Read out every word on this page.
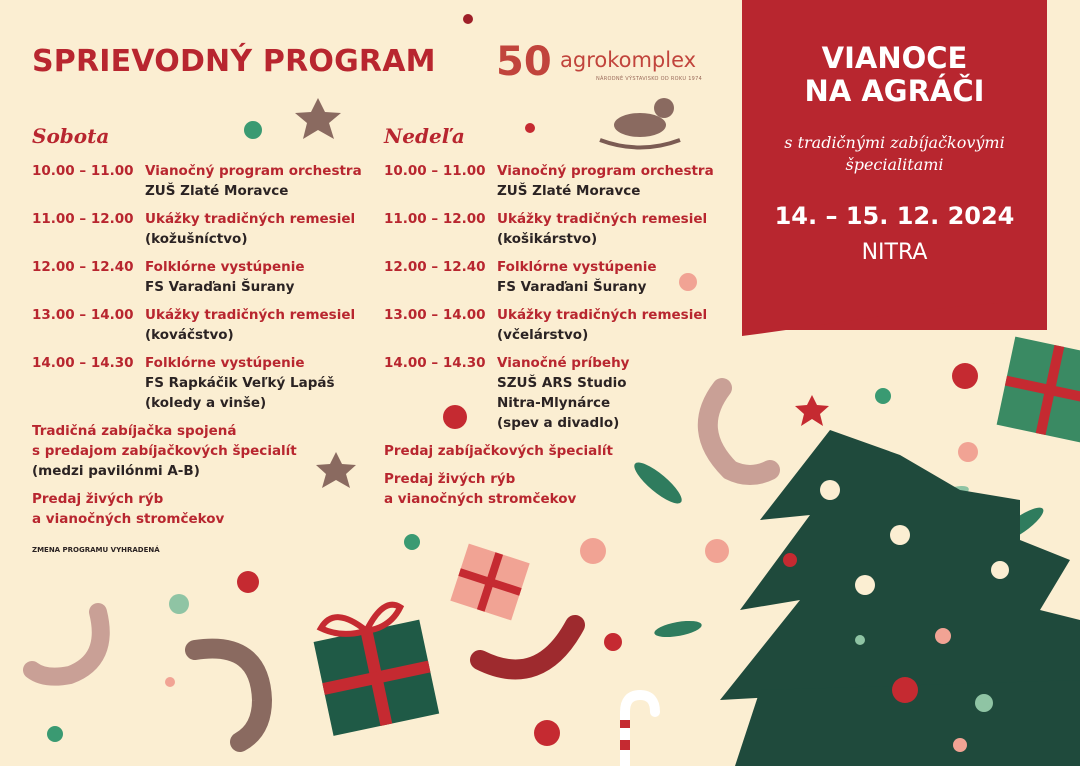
VIANOCE
NA AGRÁČI
s tradičnými zabíjačkovými
špecialitami
14. – 15. 12. 2024
NITRA
SPRIEVODNÝ PROGRAM 50 agrokomplex
NÁRODNÉ VÝSTAVISKO OD ROKU 1974
Sobota
10.00 – 11.00 Vianočný program orchestra
ZUŠ Zlaté Moravce
11.00 – 12.00 Ukážky tradičných remesiel
(kožušníctvo)
12.00 – 12.40 Folklórne vystúpenie
FS Varaďani Šurany
13.00 – 14.00 Ukážky tradičných remesiel
(kováčstvo)
14.00 – 14.30 Folklórne vystúpenie
FS Rapkáčik Veľký Lapáš
(koledy a vinše)
Tradičná zabíjačka spojená
s predajom zabíjačkových špecialít
(medzi pavilónmi A-B)
Predaj živých rýb
a vianočných stromčekov
Nedeľa
10.00 – 11.00 Vianočný program orchestra
ZUŠ Zlaté Moravce
11.00 – 12.00 Ukážky tradičných remesiel
(košikárstvo)
12.00 – 12.40 Folklórne vystúpenie
FS Varaďani Šurany
13.00 – 14.00 Ukážky tradičných remesiel
(včelárstvo)
14.00 – 14.30 Vianočné príbehy
SZUŠ ARS Studio
Nitra-Mlynárce
(spev a divadlo)
Predaj zabíjačkových špecialít
Predaj živých rýb
a vianočných stromčekov
ZMENA PROGRAMU VYHRADENÁ
